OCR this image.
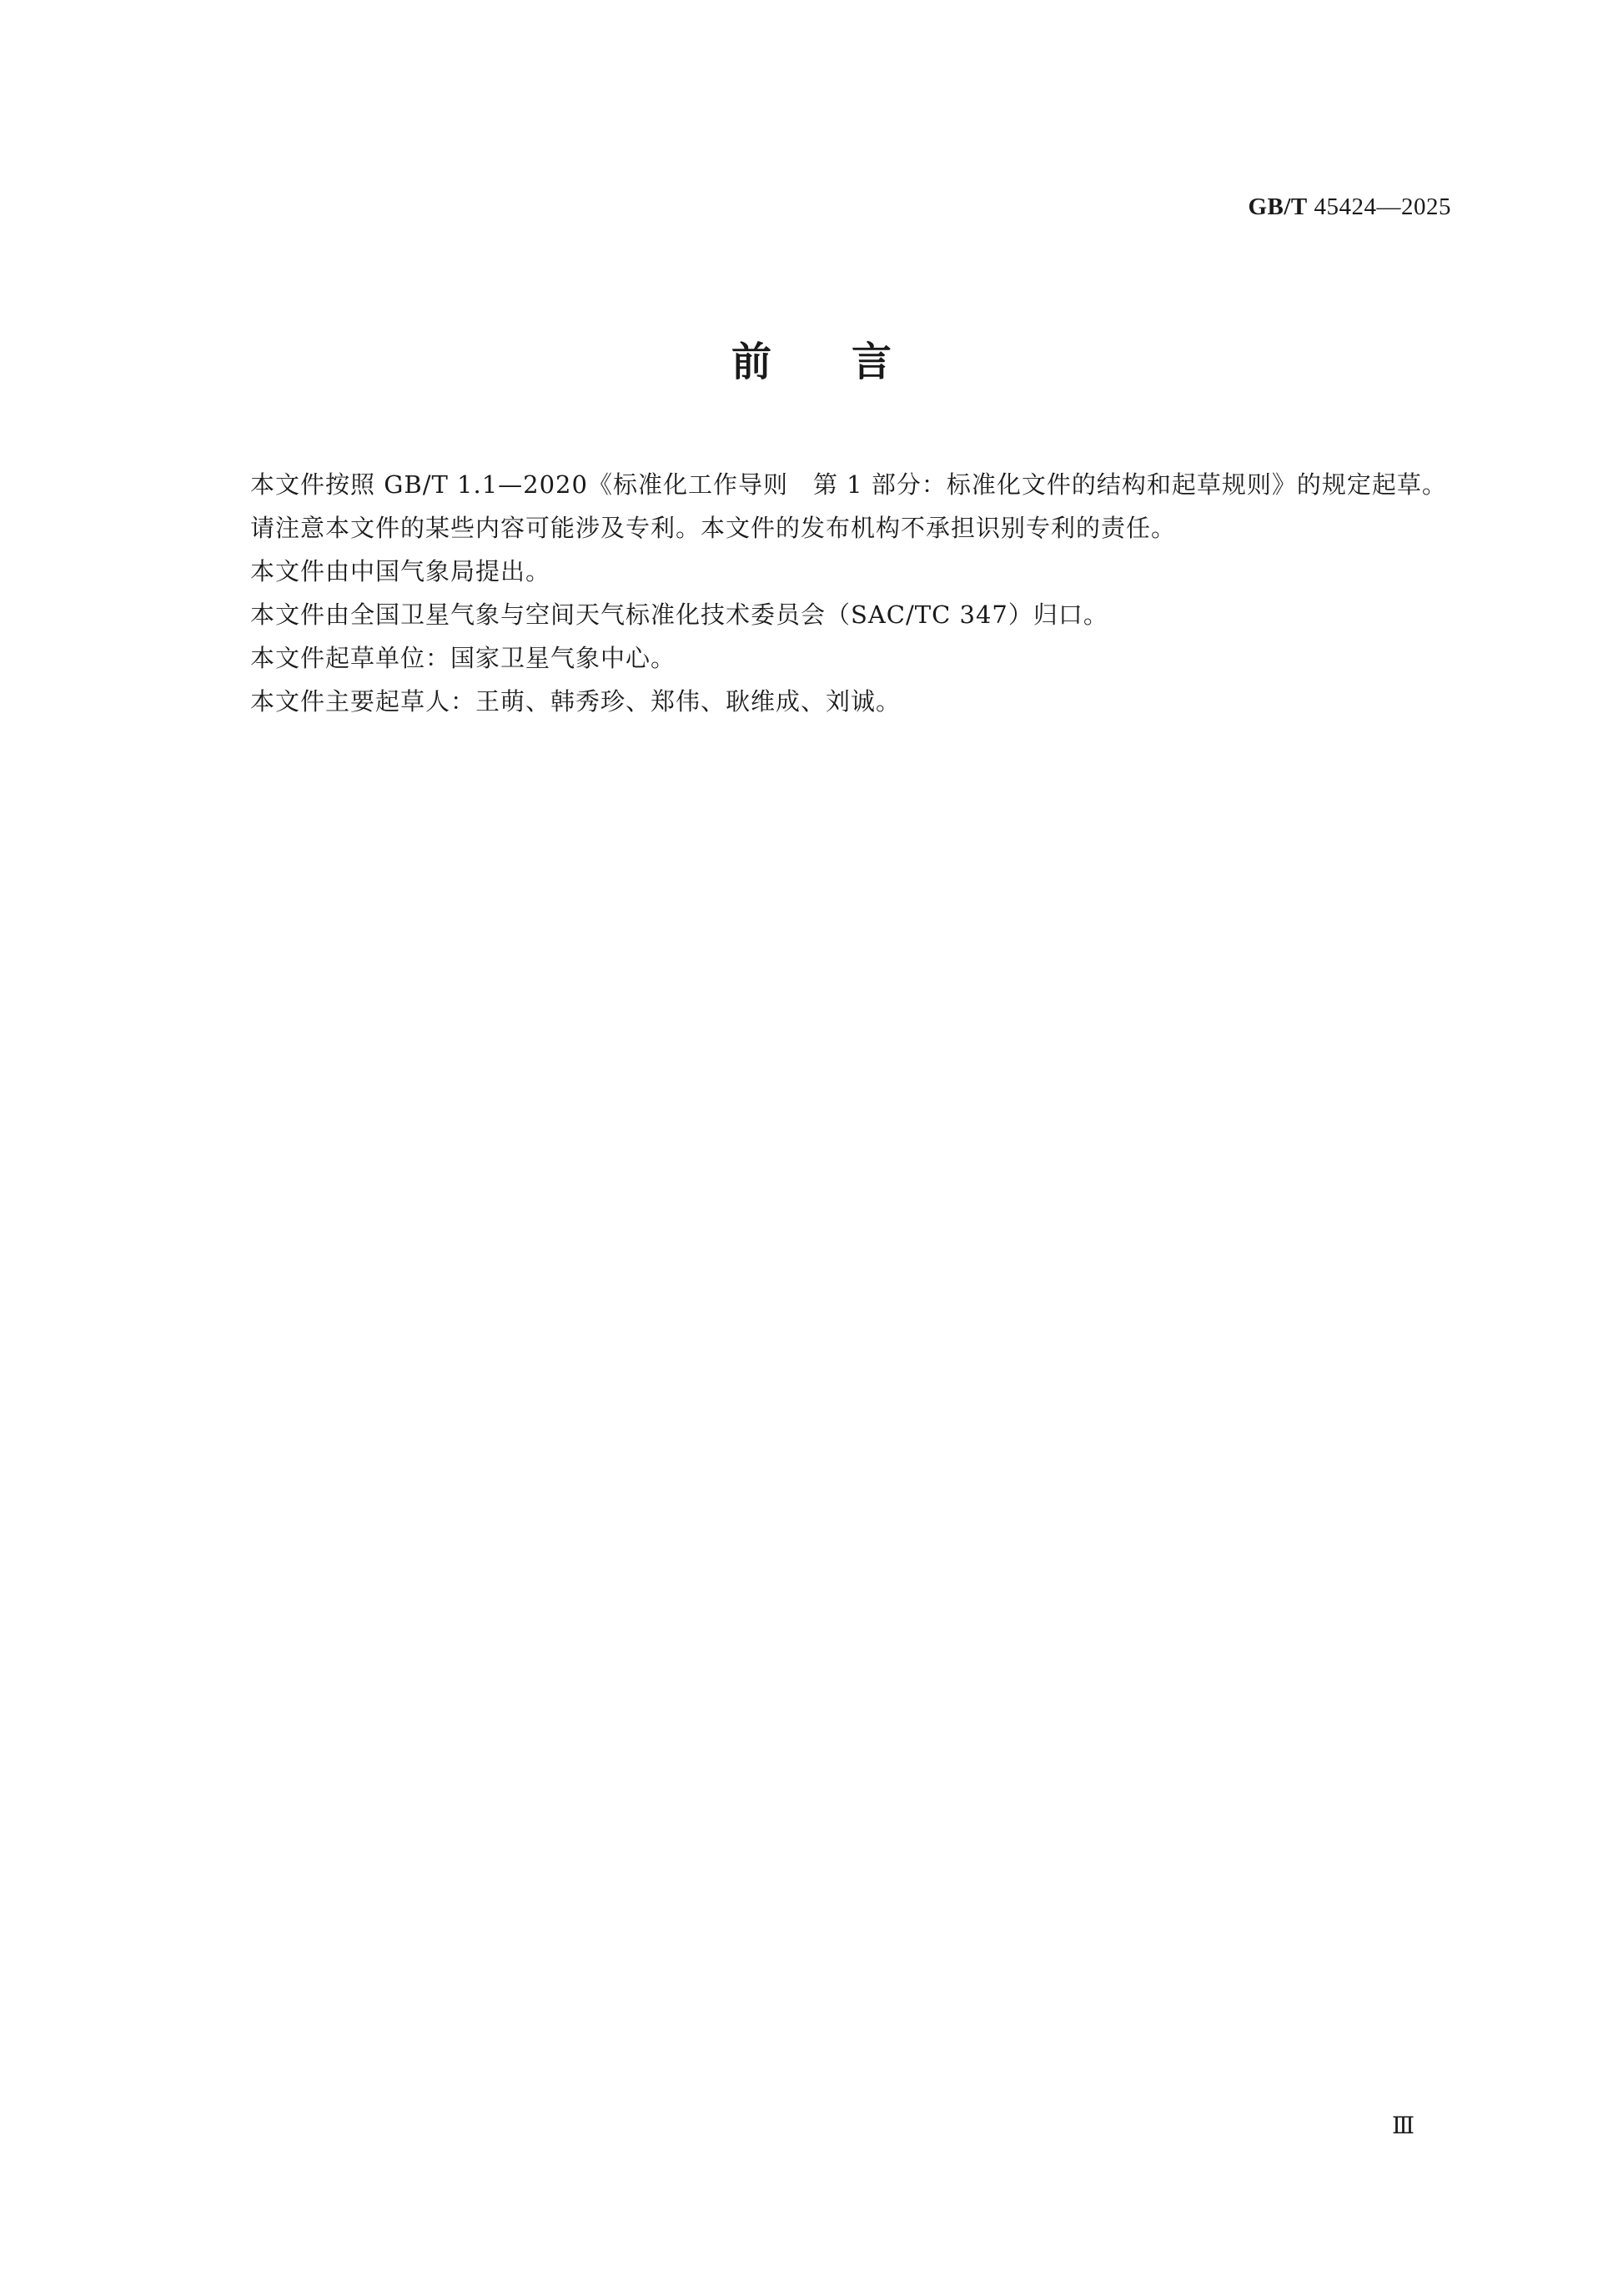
GB/T 45424—2025
前 言

本文件按照 GB/T 1.1—2020《标准化工作导则　第 1 部分：标准化文件的结构和起草规则》的规定起草。

请注意本文件的某些内容可能涉及专利。本文件的发布机构不承担识别专利的责任。

本文件由中国气象局提出。

本文件由全国卫星气象与空间天气标准化技术委员会（SAC/TC 347）归口。

本文件起草单位：国家卫星气象中心。

本文件主要起草人：王萌、韩秀珍、郑伟、耿维成、刘诚。

Ⅲ
